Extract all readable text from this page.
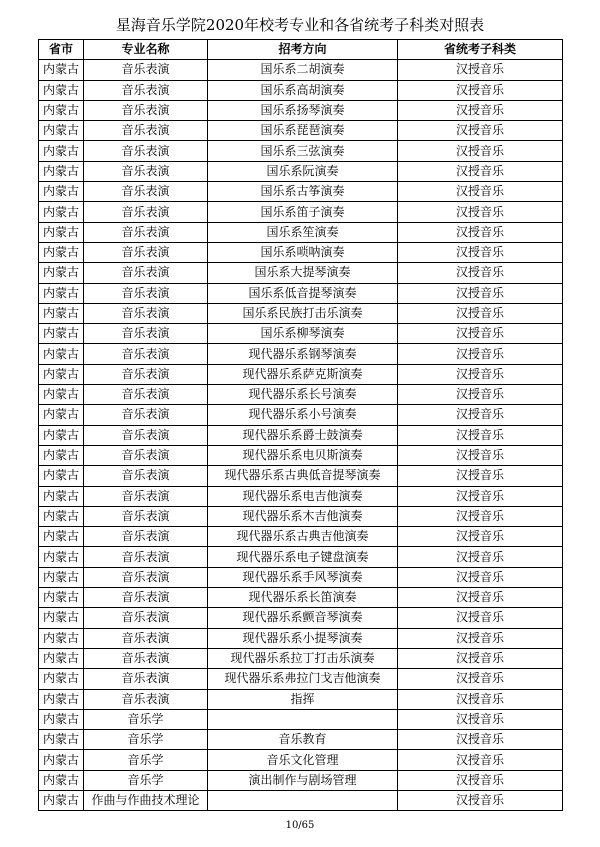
星海音乐学院2020年校考专业和各省统考子科类对照表
省市	专业名称	招考方向	省统考子科类
内蒙古	音乐表演	国乐系二胡演奏	汉授音乐
内蒙古	音乐表演	国乐系高胡演奏	汉授音乐
内蒙古	音乐表演	国乐系扬琴演奏	汉授音乐
内蒙古	音乐表演	国乐系琵琶演奏	汉授音乐
内蒙古	音乐表演	国乐系三弦演奏	汉授音乐
内蒙古	音乐表演	国乐系阮演奏	汉授音乐
内蒙古	音乐表演	国乐系古筝演奏	汉授音乐
内蒙古	音乐表演	国乐系笛子演奏	汉授音乐
内蒙古	音乐表演	国乐系笙演奏	汉授音乐
内蒙古	音乐表演	国乐系唢呐演奏	汉授音乐
内蒙古	音乐表演	国乐系大提琴演奏	汉授音乐
内蒙古	音乐表演	国乐系低音提琴演奏	汉授音乐
内蒙古	音乐表演	国乐系民族打击乐演奏	汉授音乐
内蒙古	音乐表演	国乐系柳琴演奏	汉授音乐
内蒙古	音乐表演	现代器乐系钢琴演奏	汉授音乐
内蒙古	音乐表演	现代器乐系萨克斯演奏	汉授音乐
内蒙古	音乐表演	现代器乐系长号演奏	汉授音乐
内蒙古	音乐表演	现代器乐系小号演奏	汉授音乐
内蒙古	音乐表演	现代器乐系爵士鼓演奏	汉授音乐
内蒙古	音乐表演	现代器乐系电贝斯演奏	汉授音乐
内蒙古	音乐表演	现代器乐系古典低音提琴演奏	汉授音乐
内蒙古	音乐表演	现代器乐系电吉他演奏	汉授音乐
内蒙古	音乐表演	现代器乐系木吉他演奏	汉授音乐
内蒙古	音乐表演	现代器乐系古典吉他演奏	汉授音乐
内蒙古	音乐表演	现代器乐系电子键盘演奏	汉授音乐
内蒙古	音乐表演	现代器乐系手风琴演奏	汉授音乐
内蒙古	音乐表演	现代器乐系长笛演奏	汉授音乐
内蒙古	音乐表演	现代器乐系颤音琴演奏	汉授音乐
内蒙古	音乐表演	现代器乐系小提琴演奏	汉授音乐
内蒙古	音乐表演	现代器乐系拉丁打击乐演奏	汉授音乐
内蒙古	音乐表演	现代器乐系弗拉门戈吉他演奏	汉授音乐
内蒙古	音乐表演	指挥	汉授音乐
内蒙古	音乐学		汉授音乐
内蒙古	音乐学	音乐教育	汉授音乐
内蒙古	音乐学	音乐文化管理	汉授音乐
内蒙古	音乐学	演出制作与剧场管理	汉授音乐
内蒙古	作曲与作曲技术理论		汉授音乐
10/65
